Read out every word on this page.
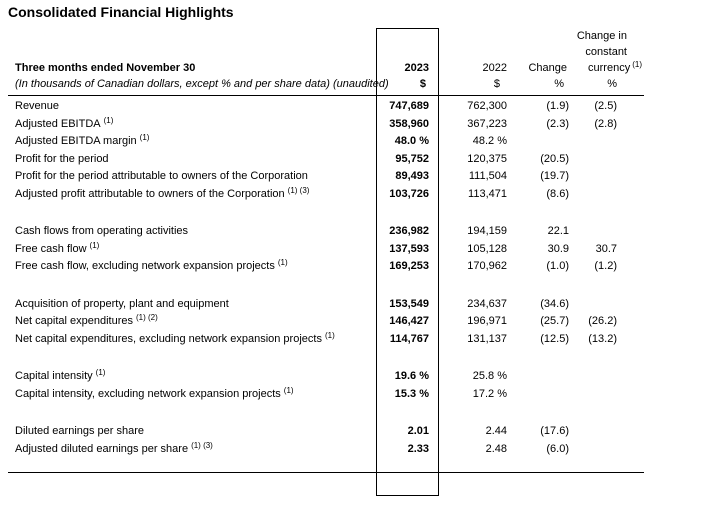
Consolidated Financial Highlights
Change in
constant
Three months ended November 30	2023	2022	Change	currency $^{(1)}$
(In thousands of Canadian dollars, except % and per share data) (unaudited)	$	$	%	%
Revenue	747,689	762,300	(1.9)	(2.5)
Adjusted EBITDA $^{(1)}$	358,960	367,223	(2.3)	(2.8)
Adjusted EBITDA margin $^{(1)}$	48.0 %	48.2 %
Profit for the period	95,752	120,375	(20.5)
Profit for the period attributable to owners of the Corporation	89,493	111,504	(19.7)
Adjusted profit attributable to owners of the Corporation $^{(1) (3)}$	103,726	113,471	(8.6)
Cash flows from operating activities	236,982	194,159	22.1
Free cash flow $^{(1)}$	137,593	105,128	30.9	30.7
Free cash flow, excluding network expansion projects $^{(1)}$	169,253	170,962	(1.0)	(1.2)
Acquisition of property, plant and equipment	153,549	234,637	(34.6)
Net capital expenditures $^{(1) (2)}$	146,427	196,971	(25.7)	(26.2)
Net capital expenditures, excluding network expansion projects $^{(1)}$	114,767	131,137	(12.5)	(13.2)
Capital intensity $^{(1)}$	19.6 %	25.8 %
Capital intensity, excluding network expansion projects $^{(1)}$	15.3 %	17.2 %
Diluted earnings per share	2.01	2.44	(17.6)
Adjusted diluted earnings per share $^{(1) (3)}$	2.33	2.48	(6.0)
